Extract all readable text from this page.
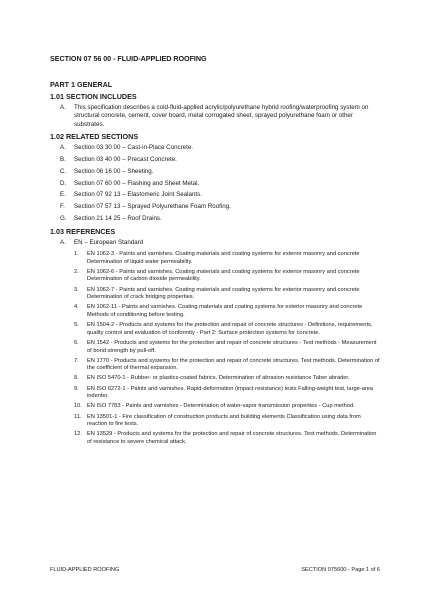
SECTION 07 56 00 - FLUID-APPLIED ROOFING
PART 1 GENERAL
1.01 SECTION INCLUDES
A. This specification describes a cold-fluid-applied acrylic/polyurethane hybrid roofing/waterproofing system on structural concrete, cement, cover board, metal corrugated sheet, sprayed polyurethane foam or other substrates.
1.02 RELATED SECTIONS
A. Section 03 30 00 – Cast-in-Place Concrete.
B. Section 03 40 00 – Precast Concrete.
C. Section 06 16 00 – Sheeting.
D. Section 07 60 00 – Flashing and Sheet Metal.
E. Section 07 92 13 – Elastomeric Joint Sealants.
F. Section 07 57 13 – Sprayed Polyurethane Foam Roofing.
G. Section 21 14 25 – Roof Drains.
1.03 REFERENCES
A. EN – European Standard
1. EN 1062-3 - Paints and varnishes. Coating materials and coating systems for exterior masonry and concrete Determination of liquid water permeability.
2. EN 1062-6 - Paints and varnishes. Coating materials and coating systems for exterior masonry and concrete Determination of carbon dioxide permeability.
3. EN 1062-7 - Paints and varnishes. Coating materials and coating systems for exterior masonry and concrete Determination of crack bridging properties.
4. EN 1062-11 - Paints and varnishes. Coating materials and coating systems for exterior masonry and concrete Methods of conditioning before testing.
5. EN 1504-2 - Products and systems for the protection and repair of concrete structures - Definitions, requirements, quality control and evaluation of conformity - Part 2: Surface protection systems for concrete.
6. EN 1542 - Products and systems for the protection and repair of concrete structures - Test methods - Measurement of bond strength by pull-off.
7. EN 1770 - Products and systems for the protection and repair of concrete structures. Test methods. Determination of the coefficient of thermal expansion.
8. EN ISO 5470-1 - Rubber- or plastics-coated fabrics. Determination of abrasion resistance Taber abrader.
9. EN ISO 6272-1 - Paints and varnishes. Rapid-deformation (impact resistance) tests Falling-weight test, large-area indenter.
10. EN ISO 7783 - Paints and varnishes - Determination of water-vapor transmission properties - Cup method.
11. EN 13501-1 - Fire classification of construction products and building elements Classification using data from reaction to fire tests.
12. EN 13529 - Products and systems for the protection and repair of concrete structures. Test methods. Determination of resistance to severe chemical attack.
FLUID-APPLIED ROOFING	SECTION 075600 - Page 1 of 6
